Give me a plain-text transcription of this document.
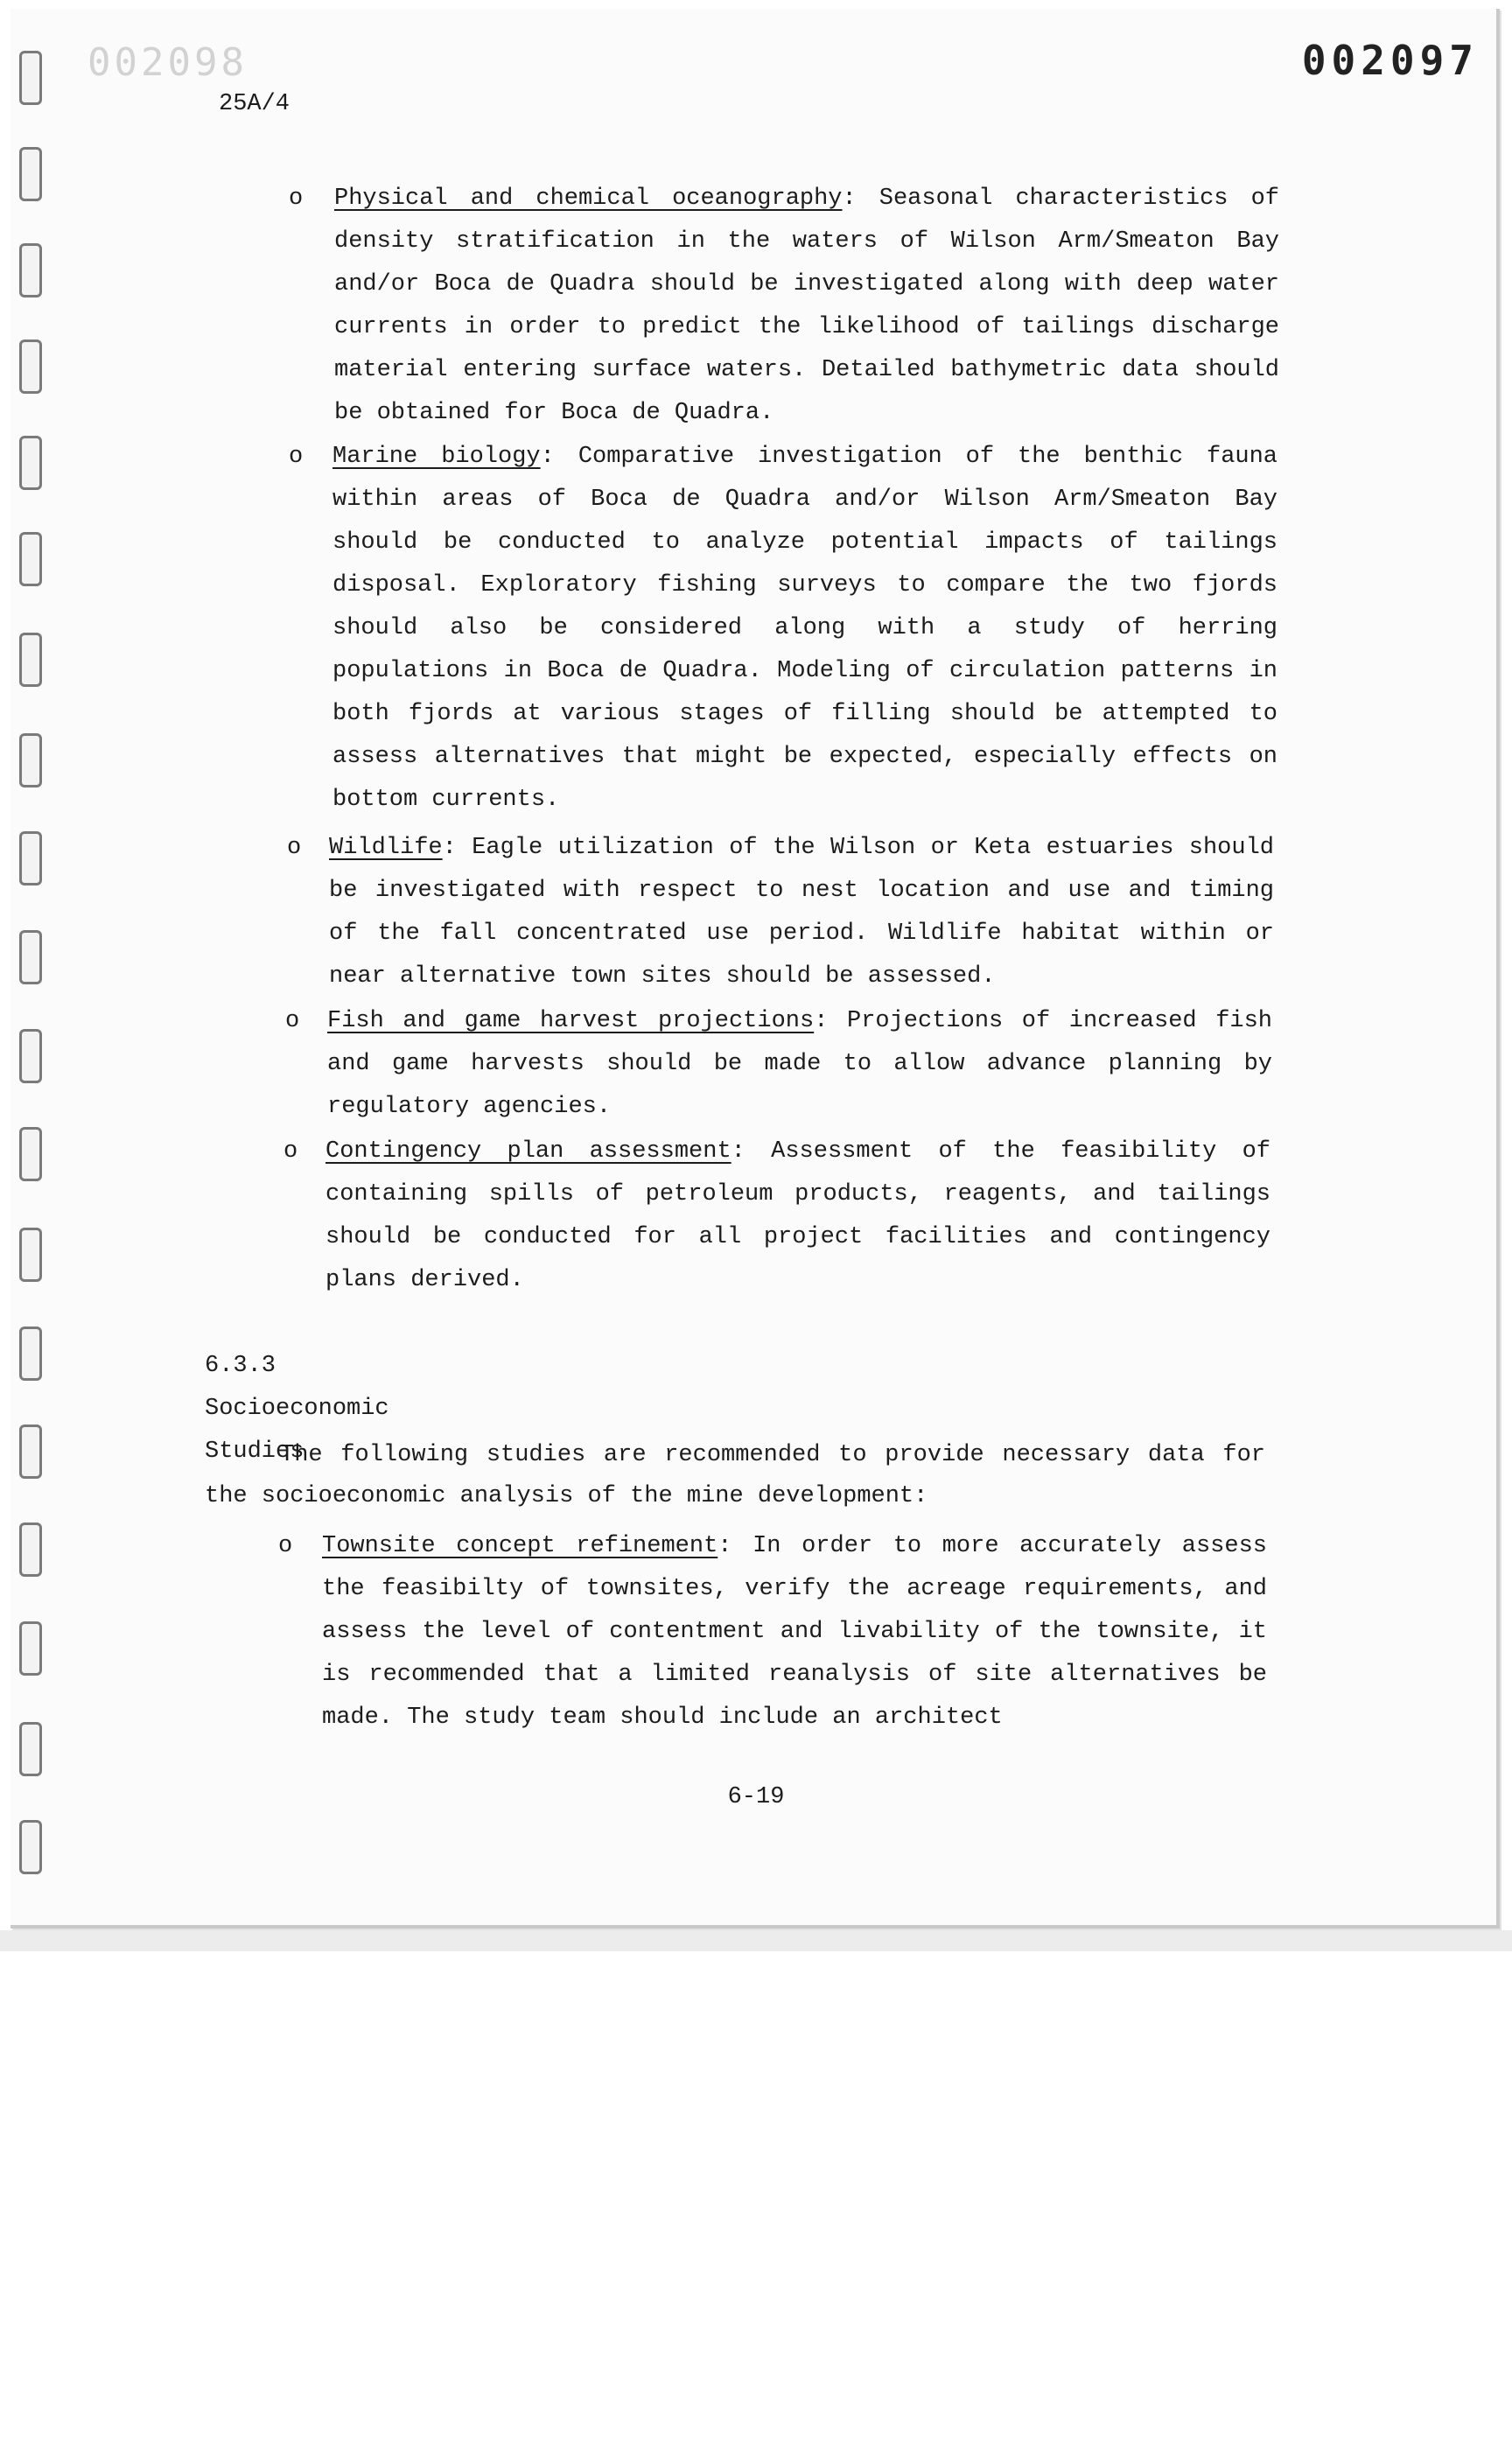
002098	002097
25A/4
o Physical and chemical oceanography: Seasonal characteristics of density stratification in the waters of Wilson Arm/Smeaton Bay and/or Boca de Quadra should be investigated along with deep water currents in order to predict the likelihood of tailings discharge material entering surface waters. Detailed bathymetric data should be obtained for Boca de Quadra.
o Marine biology: Comparative investigation of the benthic fauna within areas of Boca de Quadra and/or Wilson Arm/Smeaton Bay should be conducted to analyze potential impacts of tailings disposal. Exploratory fishing surveys to compare the two fjords should also be considered along with a study of herring populations in Boca de Quadra. Modeling of circulation patterns in both fjords at various stages of filling should be attempted to assess alternatives that might be expected, especially effects on bottom currents.
o Wildlife: Eagle utilization of the Wilson or Keta estuaries should be investigated with respect to nest location and use and timing of the fall concentrated use period. Wildlife habitat within or near alternative town sites should be assessed.
o Fish and game harvest projections: Projections of increased fish and game harvests should be made to allow advance planning by regulatory agencies.
o Contingency plan assessment: Assessment of the feasibility of containing spills of petroleum products, reagents, and tailings should be conducted for all project facilities and contingency plans derived.
6.3.3 Socioeconomic Studies
The following studies are recommended to provide necessary data for the socioeconomic analysis of the mine development:
o Townsite concept refinement: In order to more accurately assess the feasibilty of townsites, verify the acreage requirements, and assess the level of contentment and livability of the townsite, it is recommended that a limited reanalysis of site alternatives be made. The study team should include an architect
6-19
